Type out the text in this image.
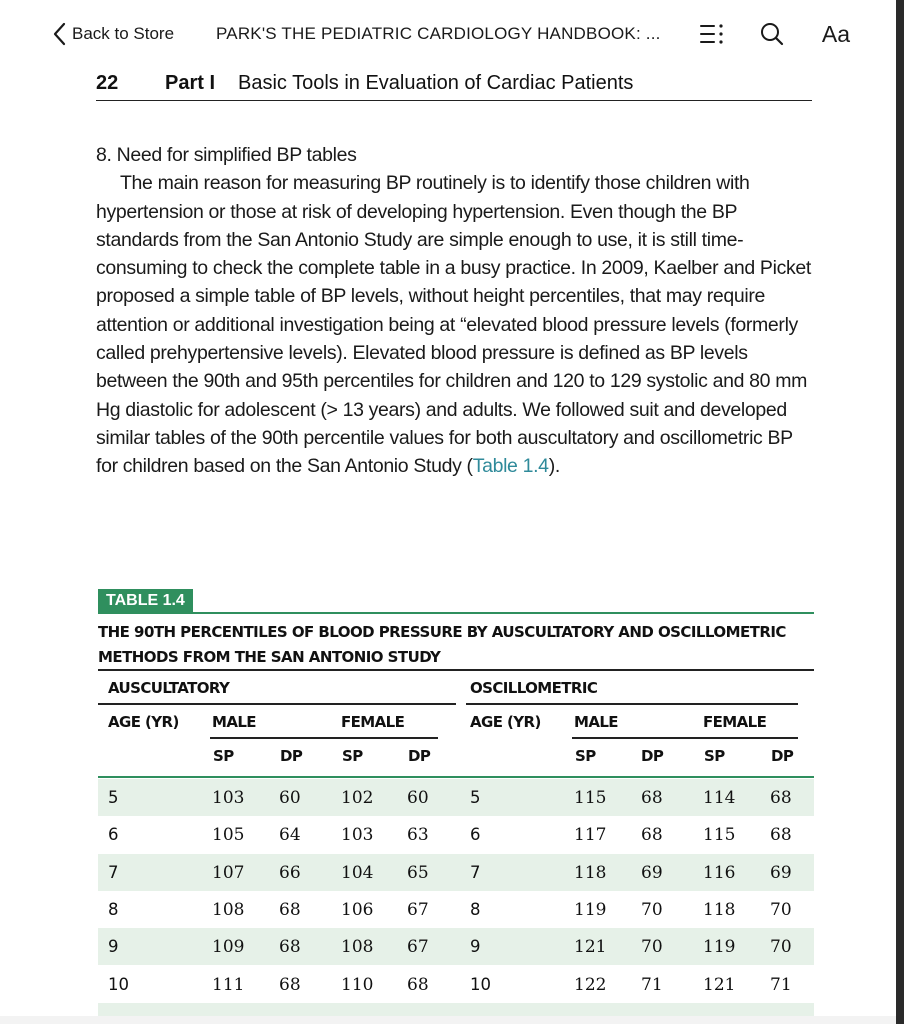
Back to Store PARK'S THE PEDIATRIC CARDIOLOGY HANDBOOK: ...	Aa
22 Part I Basic Tools in Evaluation of Cardiac Patients

8. Need for simplified BP tables

The main reason for measuring BP routinely is to identify those children with hypertension or those at risk of developing hypertension. Even though the BP standards from the San Antonio Study are simple enough to use, it is still time-consuming to check the complete table in a busy practice. In 2009, Kaelber and Picket proposed a simple table of BP levels, without height percentiles, that may require attention or additional investigation being at “elevated blood pressure levels (formerly called prehypertensive levels). Elevated blood pressure is defined as BP levels between the 90th and 95th percentiles for children and 120 to 129 systolic and 80 mm Hg diastolic for adolescent (> 13 years) and adults. We followed suit and developed similar tables of the 90th percentile values for both auscultatory and oscillometric BP for children based on the San Antonio Study (Table 1.4).

TABLE 1.4
THE 90TH PERCENTILES OF BLOOD PRESSURE BY AUSCULTATORY AND OSCILLOMETRIC METHODS FROM THE SAN ANTONIO STUDY
AUSCULTATORY	OSCILLOMETRIC
AGE (YR) MALE	FEMALE	AGE (YR) MALE	FEMALE
SP	DP	SP	DP	SP	DP	SP	DP
5	103 60 102 60	5	115 68 114 68
6	105 64 103 63	6	117 68 115 68
7	107 66 104 65	7	118 69 116 69
8	108 68 106 67	8	119 70 118 70
9	109 68 108 67	9	121 70 119 70
10	111 68 110 68	10	122 71 121 71
